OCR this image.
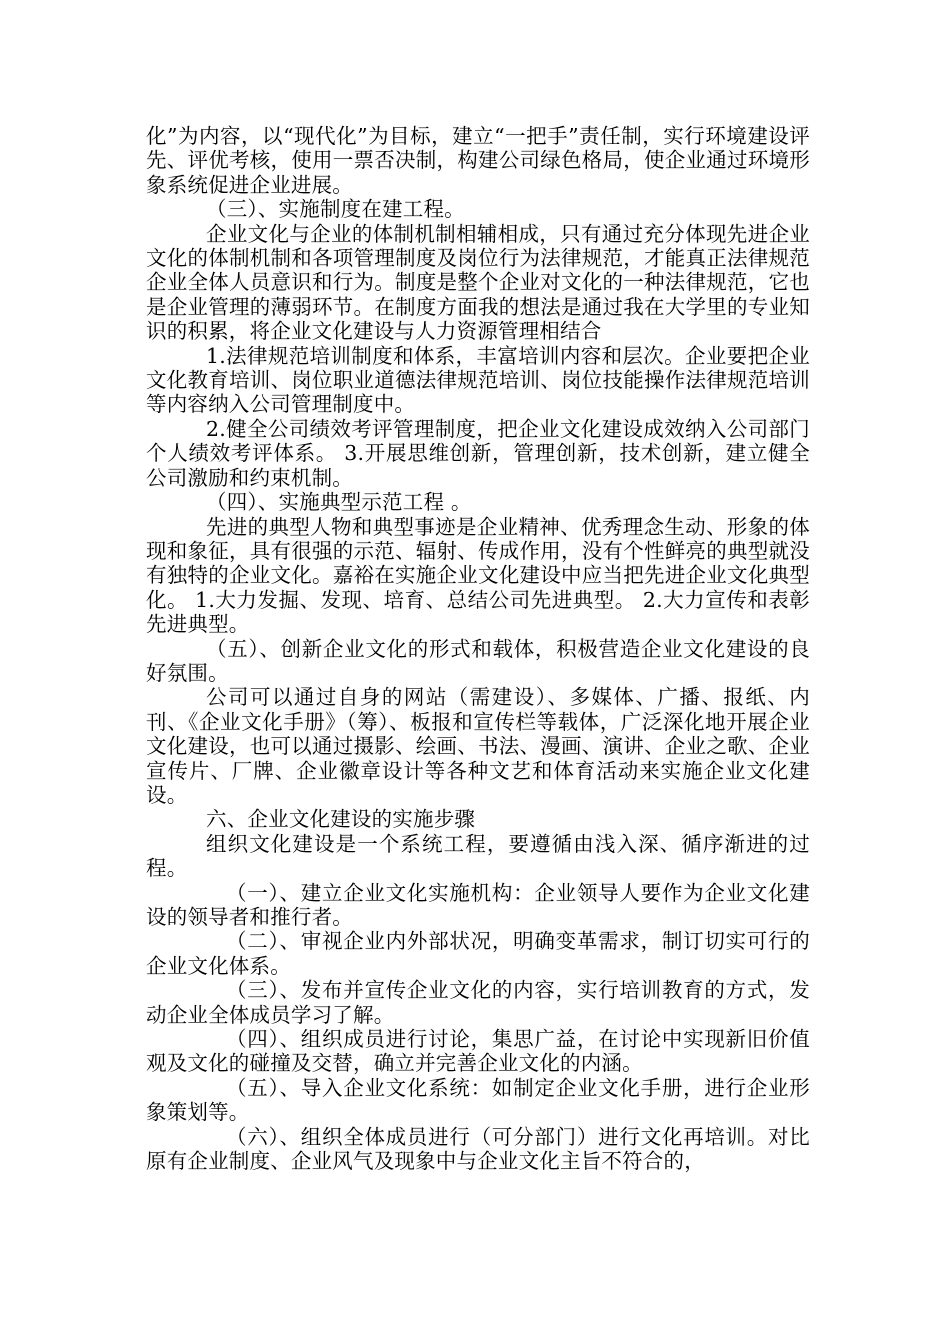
化”为内容，以“现代化”为目标，建立“一把手”责任制，实行环境建设评先、评优考核，使用一票否决制，构建公司绿色格局，使企业通过环境形象系统促进企业进展。

（三）、实施制度在建工程。

企业文化与企业的体制机制相辅相成，只有通过充分体现先进企业文化的体制机制和各项管理制度及岗位行为法律规范，才能真正法律规范企业全体人员意识和行为。制度是整个企业对文化的一种法律规范，它也是企业管理的薄弱环节。在制度方面我的想法是通过我在大学里的专业知识的积累，将企业文化建设与人力资源管理相结合

1.法律规范培训制度和体系，丰富培训内容和层次。企业要把企业文化教育培训、岗位职业道德法律规范培训、岗位技能操作法律规范培训等内容纳入公司管理制度中。

2.健全公司绩效考评管理制度，把企业文化建设成效纳入公司部门个人绩效考评体系。 3.开展思维创新，管理创新，技术创新，建立健全公司激励和约束机制。

（四）、实施典型示范工程 。

先进的典型人物和典型事迹是企业精神、优秀理念生动、形象的体现和象征，具有很强的示范、辐射、传成作用，没有个性鲜亮的典型就没有独特的企业文化。嘉裕在实施企业文化建设中应当把先进企业文化典型化。 1.大力发掘、发现、培育、总结公司先进典型。 2.大力宣传和表彰先进典型。

（五）、创新企业文化的形式和载体，积极营造企业文化建设的良好氛围。

公司可以通过自身的网站（需建设）、多媒体、广播、报纸、内刊、《企业文化手册》（筹）、板报和宣传栏等载体，广泛深化地开展企业文化建设，也可以通过摄影、绘画、书法、漫画、演讲、企业之歌、企业宣传片、厂牌、企业徽章设计等各种文艺和体育活动来实施企业文化建设。

六、企业文化建设的实施步骤

组织文化建设是一个系统工程，要遵循由浅入深、循序渐进的过程。

（一）、建立企业文化实施机构：企业领导人要作为企业文化建设的领导者和推行者。

（二）、审视企业内外部状况，明确变革需求，制订切实可行的企业文化体系。

（三）、发布并宣传企业文化的内容，实行培训教育的方式，发动企业全体成员学习了解。

（四）、组织成员进行讨论，集思广益，在讨论中实现新旧价值观及文化的碰撞及交替，确立并完善企业文化的内涵。

（五）、导入企业文化系统：如制定企业文化手册，进行企业形象策划等。

（六）、组织全体成员进行（可分部门）进行文化再培训。对比原有企业制度、企业风气及现象中与企业文化主旨不符合的，
